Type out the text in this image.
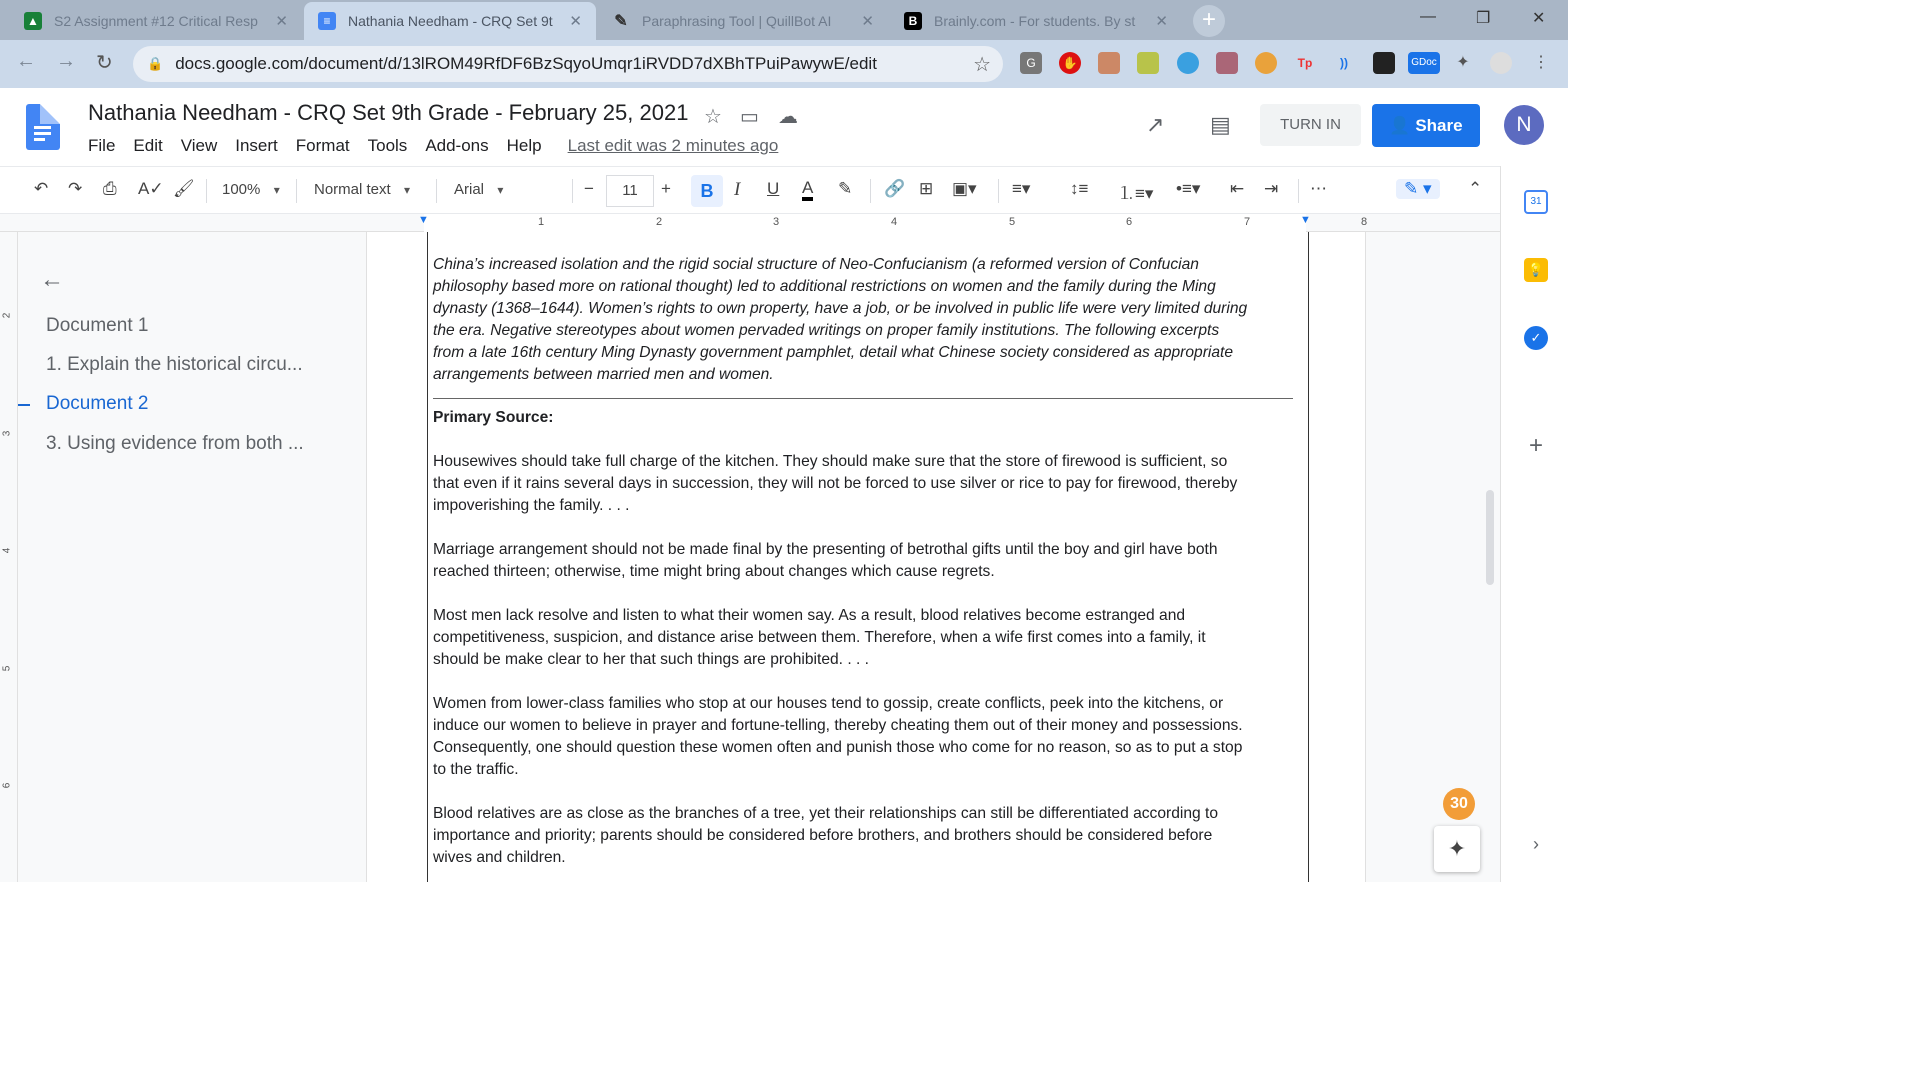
▲ S2 Assignment #12 Critical Resp	✕	≡	Nathania Needham - CRQ Set 9t	✕ ✎ Paraphrasing Tool | QuillBot AI	✕	B	Brainly.com - For students. By st	✕	+	—	❐	✕
← → ↻	🔒 docs.google.com/document/d/13lROM49RfDF6BzSqyoUmqr1iRVDD7dXBhTPuiPawywE/edit	☆	G	✋	Tp	))	GDoc ✦	⋮
Nathania Needham - CRQ Set 9th Grade - February 25, 2021 ☆ ▭ ☁
File Edit View Insert Format Tools Add-ons Help Last edit was 2 minutes ago
↗ ▤	TURN IN	👤 Share	N
↶ ↷ ⎙ A✓ 🖌 100% ▾	Normal text ▾	Arial ▾	−	11	+	B	I U A ✎ 🔗 ⊞ ▣▾ ≡▾ ↕≡ ⒈≡▾ •≡▾ ⇤ ⇥ ⋯	✎ ▾	⌃
▼	▼
1	2	3	4	5	6	7	8
2
3
4
5
6
←
Document 1
1. Explain the historical circu...
Document 2
3. Using evidence from both ...
China’s increased isolation and the rigid social structure of Neo-Confucianism (a reformed version of Confucian
philosophy based more on rational thought) led to additional restrictions on women and the family during the Ming
dynasty (1368–1644). Women’s rights to own property, have a job, or be involved in public life were very limited during
the era. Negative stereotypes about women pervaded writings on proper family institutions. The following excerpts
from a late 16th century Ming Dynasty government pamphlet, detail what Chinese society considered as appropriate
arrangements between married men and women.
Primary Source:
Housewives should take full charge of the kitchen. They should make sure that the store of firewood is sufficient, so
that even if it rains several days in succession, they will not be forced to use silver or rice to pay for firewood, thereby
impoverishing the family. . . .
Marriage arrangement should not be made final by the presenting of betrothal gifts until the boy and girl have both
reached thirteen; otherwise, time might bring about changes which cause regrets.
Most men lack resolve and listen to what their women say. As a result, blood relatives become estranged and
competitiveness, suspicion, and distance arise between them. Therefore, when a wife first comes into a family, it
should be make clear to her that such things are prohibited. . . .
Women from lower-class families who stop at our houses tend to gossip, create conflicts, peek into the kitchens, or
induce our women to believe in prayer and fortune-telling, thereby cheating them out of their money and possessions.
Consequently, one should question these women often and punish those who come for no reason, so as to put a stop
to the traffic.
Blood relatives are as close as the branches of a tree, yet their relationships can still be differentiated according to
importance and priority; parents should be considered before brothers, and brothers should be considered before
wives and children.
31
💡
✓
+
›
30
✦
